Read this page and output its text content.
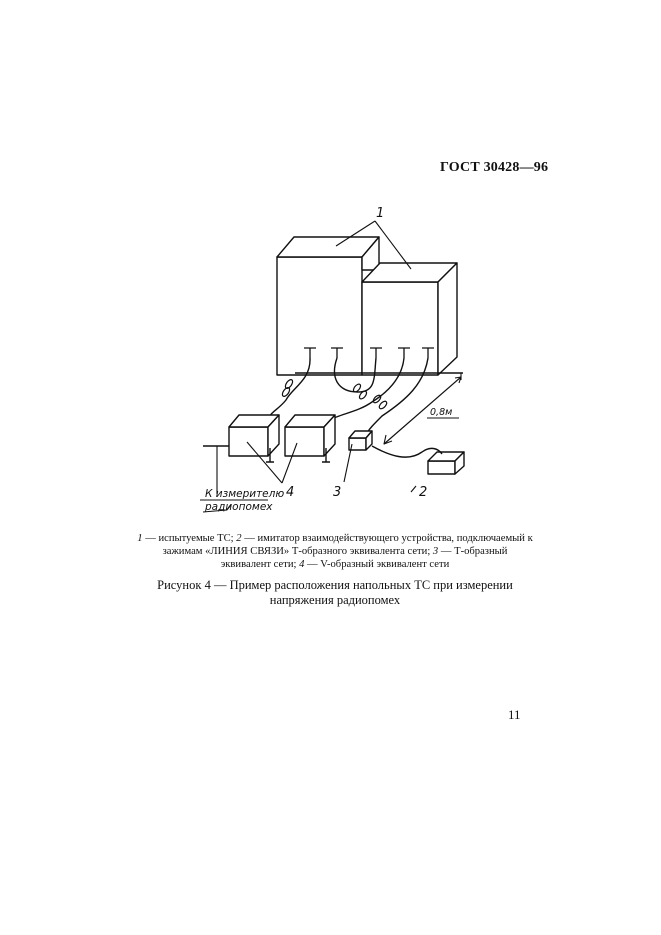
ГОСТ 30428—96
1
4	3	2
0,8м
К измерителю
радиопомех
1 — испытуемые ТС; 2 — имитатор взаимодействующего устройства, подключаемый к зажимам «ЛИНИЯ СВЯЗИ» Т-образного эквивалента сети; 3 — Т-образный эквивалент сети; 4 — V-образный эквивалент сети
Рисунок 4 — Пример расположения напольных ТС при измерении напряжения радиопомех
11
